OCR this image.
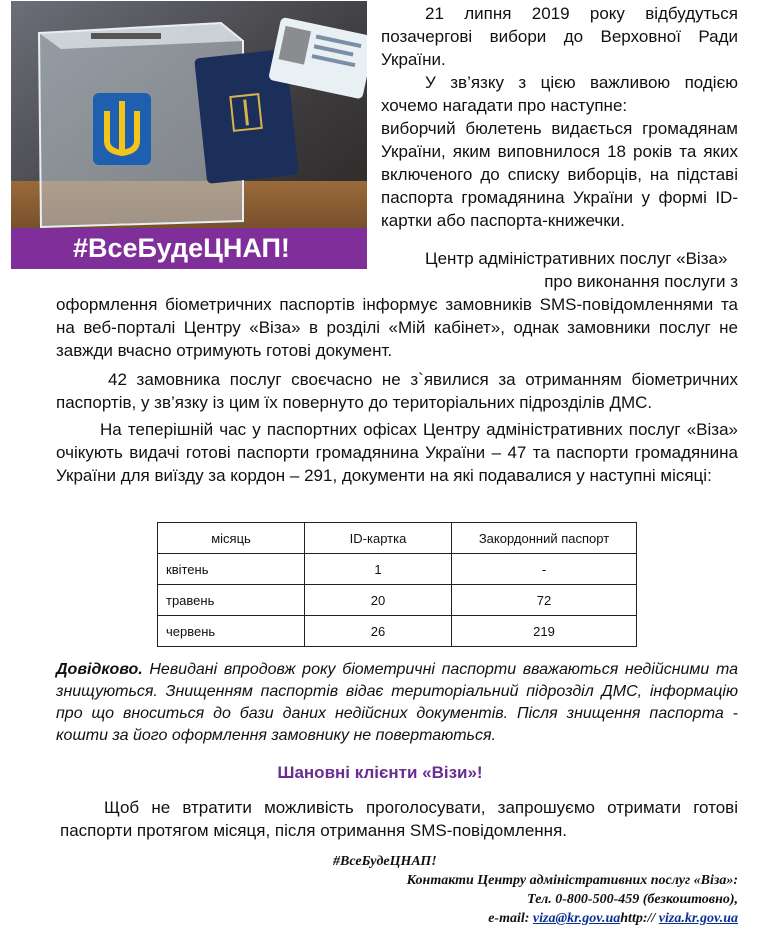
#ВсеБудеЦНАП!

21 липня 2019 року відбудуться позачергові вибори до Верховної Ради України.

У зв’язку з цією важливою подією хочемо нагадати про наступне:

виборчий бюлетень видається громадянам України, яким виповнилося 18 років та яких включеного до списку виборців, на підставі паспорта громадянина України у формі ID-картки або паспорта-книжечки.

Центр адміністративних послуг «Віза»

про виконання послуги з

оформлення біометричних паспортів інформує замовників SMS-повідомленнями та на веб-порталі Центру «Віза» в розділі «Мій кабінет», однак замовники послуг не завжди вчасно отримують готові документ.

42 замовника послуг своєчасно не з`явилися за отриманням біометричних паспортів, у зв’язку із цим їх повернуто до територіальних підрозділів ДМС.

На теперішній час у паспортних офісах Центру адміністративних послуг «Віза» очікують видачі готові паспорти громадянина України – 47 та паспорти громадянина України для виїзду за кордон – 291, документи на які подавалися у наступні місяці:

місяць	ID-картка	Закордонний паспорт
квітень	1	-
травень	20	72
червень	26	219
Довідково. Невидані впродовж року біометричні паспорти вважаються недійсними та знищуються. Знищенням паспортів відає територіальний підрозділ ДМС, інформацію про що вноситься до бази даних недійсних документів. Після знищення паспорта - кошти за його оформлення замовнику не повертаються.
Шановні клієнти «Візи»!

Щоб не втратити можливість проголосувати, запрошуємо отримати готові паспорти протягом місяця, після отримання SMS-повідомлення.

#ВсеБудеЦНАП!
Контакти Центру адміністративних послуг «Віза»:
Тел. 0-800-500-459 (безкоштовно),
e-mail: viza@kr.gov.uahttp:// viza.kr.gov.ua
